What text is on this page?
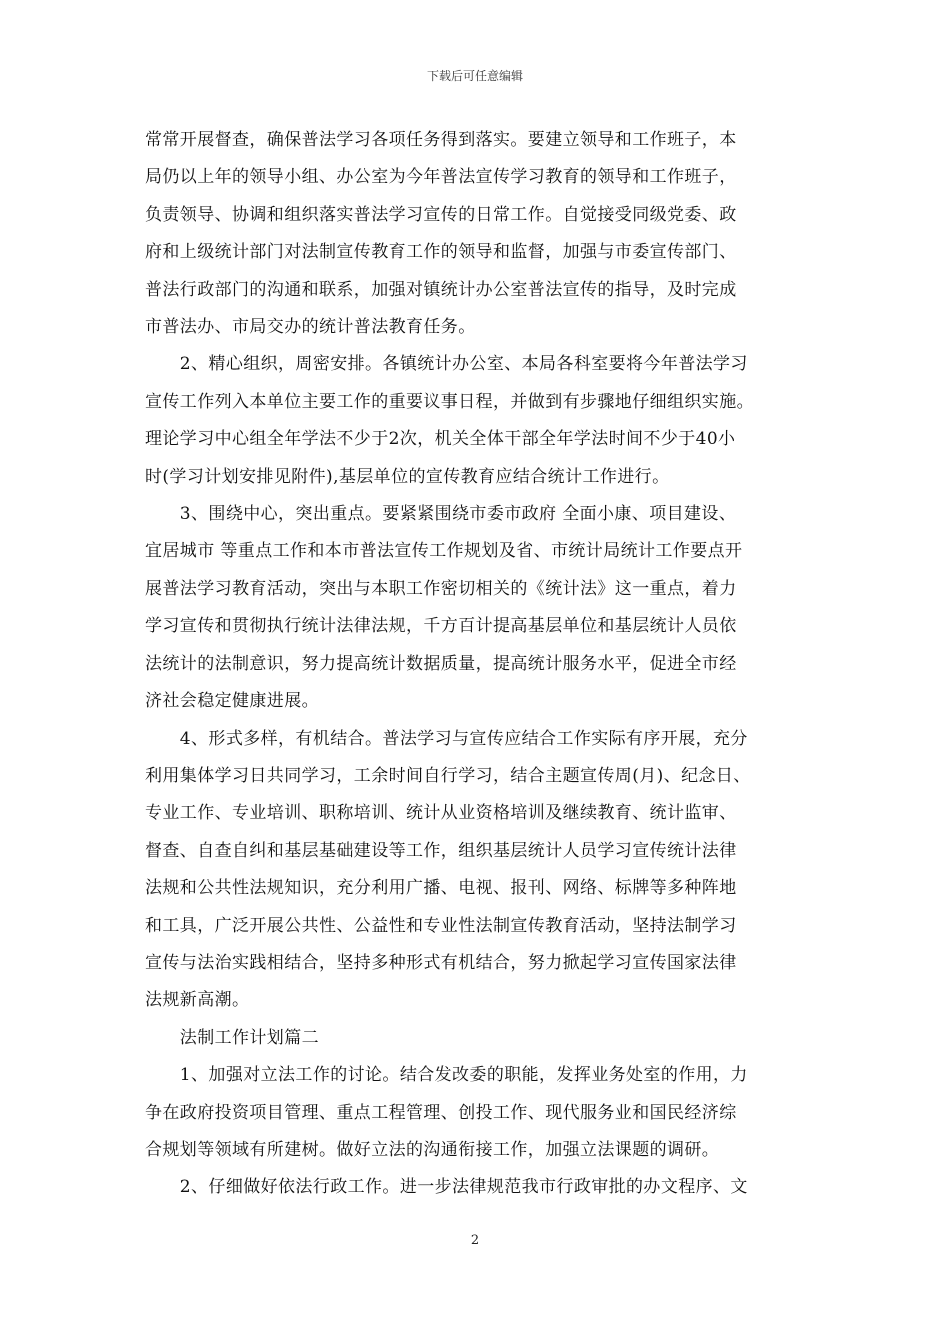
下载后可任意编辑

常常开展督查，确保普法学习各项任务得到落实。要建立领导和工作班子，本
局仍以上年的领导小组、办公室为今年普法宣传学习教育的领导和工作班子，
负责领导、协调和组织落实普法学习宣传的日常工作。自觉接受同级党委、政
府和上级统计部门对法制宣传教育工作的领导和监督，加强与市委宣传部门、
普法行政部门的沟通和联系，加强对镇统计办公室普法宣传的指导，及时完成
市普法办、市局交办的统计普法教育任务。

　　2、精心组织，周密安排。各镇统计办公室、本局各科室要将今年普法学习
宣传工作列入本单位主要工作的重要议事日程，并做到有步骤地仔细组织实施。
理论学习中心组全年学法不少于2次，机关全体干部全年学法时间不少于40小
时(学习计划安排见附件),基层单位的宣传教育应结合统计工作进行。

　　3、围绕中心，突出重点。要紧紧围绕市委市政府 全面小康、项目建设、
宜居城市 等重点工作和本市普法宣传工作规划及省、市统计局统计工作要点开
展普法学习教育活动，突出与本职工作密切相关的《统计法》这一重点，着力
学习宣传和贯彻执行统计法律法规，千方百计提高基层单位和基层统计人员依
法统计的法制意识，努力提高统计数据质量，提高统计服务水平，促进全市经
济社会稳定健康进展。

　　4、形式多样，有机结合。普法学习与宣传应结合工作实际有序开展，充分
利用集体学习日共同学习，工余时间自行学习，结合主题宣传周(月)、纪念日、
专业工作、专业培训、职称培训、统计从业资格培训及继续教育、统计监审、
督查、自查自纠和基层基础建设等工作，组织基层统计人员学习宣传统计法律
法规和公共性法规知识，充分利用广播、电视、报刊、网络、标牌等多种阵地
和工具，广泛开展公共性、公益性和专业性法制宣传教育活动，坚持法制学习
宣传与法治实践相结合，坚持多种形式有机结合，努力掀起学习宣传国家法律
法规新高潮。

　　法制工作计划篇二

　　1、加强对立法工作的讨论。结合发改委的职能，发挥业务处室的作用，力
争在政府投资项目管理、重点工程管理、创投工作、现代服务业和国民经济综
合规划等领域有所建树。做好立法的沟通衔接工作，加强立法课题的调研。

　　2、仔细做好依法行政工作。进一步法律规范我市行政审批的办文程序、文

2
